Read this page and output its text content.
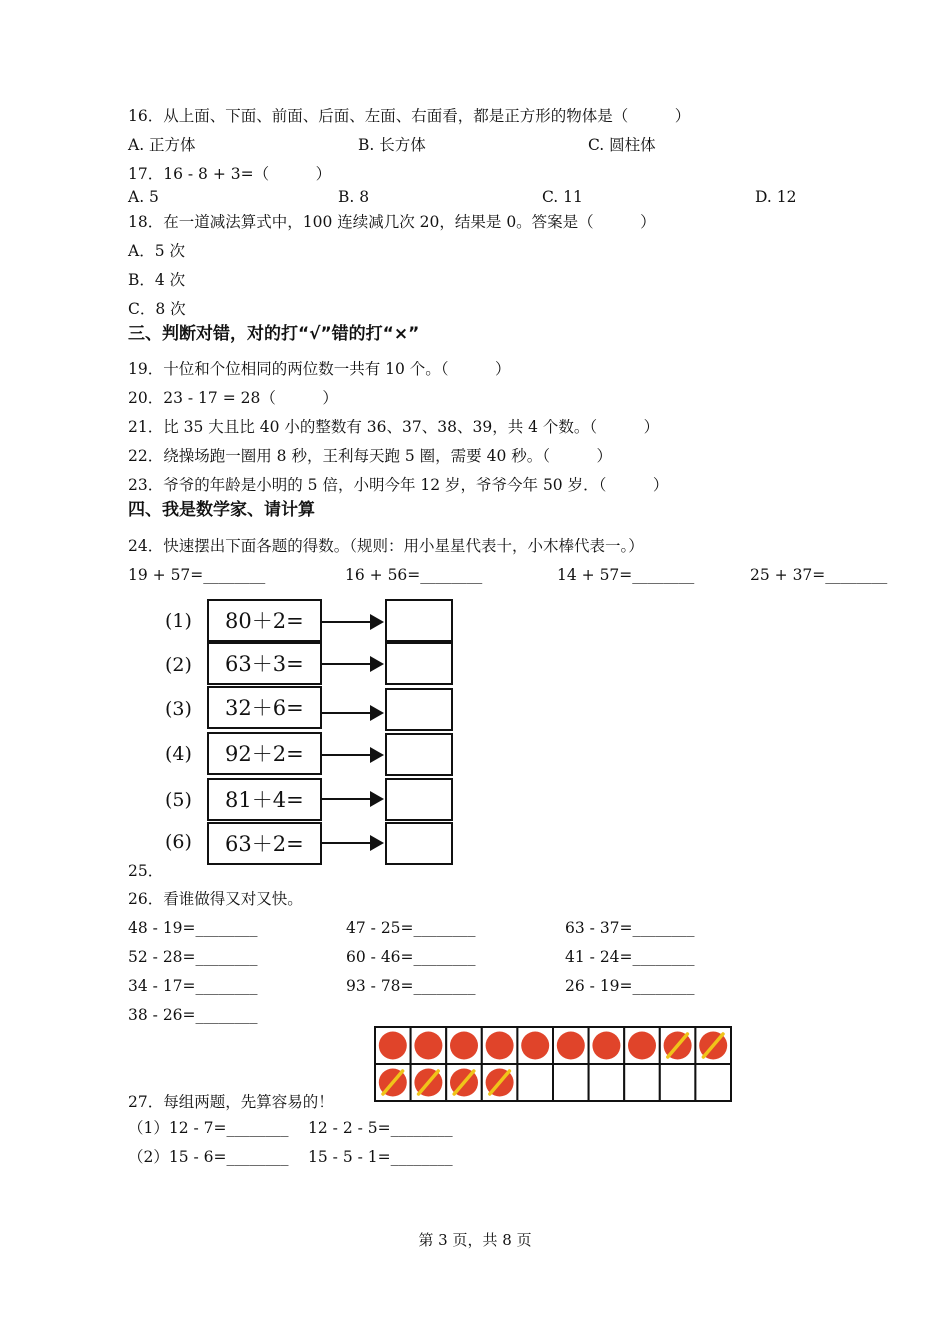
16．从上面、下面、前面、后面、左面、右面看，都是正方形的物体是（　　　）
A. 正方体	B. 长方体	C. 圆柱体
17．16 - 8 + 3=（　　　）
A. 5	B. 8	C. 11	D. 12
18．在一道减法算式中，100 连续减几次 20，结果是 0。答案是（　　　）
A．5 次
B．4 次
C．8 次
三、判断对错，对的打“√”错的打“×”
19．十位和个位相同的两位数一共有 10 个。（　　　）
20．23 - 17 = 28（　　　）
21．比 35 大且比 40 小的整数有 36、37、38、39，共 4 个数。（　　　）
22．绕操场跑一圈用 8 秒，王利每天跑 5 圈，需要 40 秒。（　　　）
23．爷爷的年龄是小明的 5 倍，小明今年 12 岁，爷爷今年 50 岁．（　　　）
四、我是数学家、请计算
24．快速摆出下面各题的得数。（规则：用小星星代表十，小木棒代表一。）
19 + 57=________	16 + 56=________	14 + 57=________	25 + 37=________
(1)
(2)
(3)
(4)
(5)
(6)
80＋2=
63＋3=
32＋6=
92＋2=
81＋4=
63＋2=
25．
26．看谁做得又对又快。
48 - 19=________	47 - 25=________	63 - 37=________
52 - 28=________	60 - 46=________	41 - 24=________
34 - 17=________	93 - 78=________	26 - 19=________
38 - 26=________
27．每组两题，先算容易的！
（1）12 - 7=________ 12 - 2 - 5=________
（2）15 - 6=________ 15 - 5 - 1=________
第 3 页，共 8 页
